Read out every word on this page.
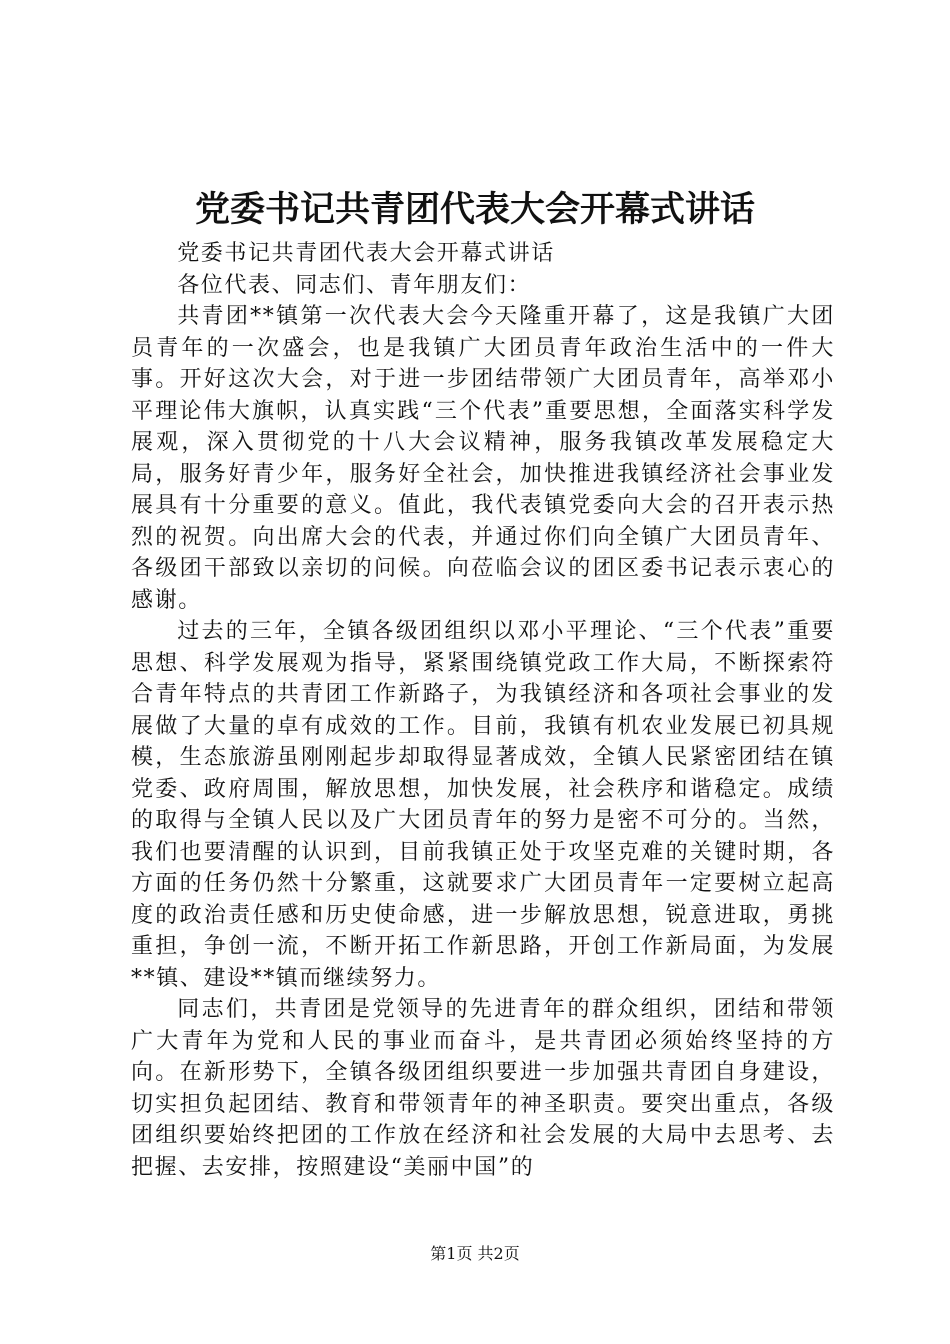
党委书记共青团代表大会开幕式讲话

党委书记共青团代表大会开幕式讲话

各位代表、同志们、青年朋友们：

共青团**镇第一次代表大会今天隆重开幕了，这是我镇广大团员青年的一次盛会，也是我镇广大团员青年政治生活中的一件大事。开好这次大会，对于进一步团结带领广大团员青年，高举邓小平理论伟大旗帜，认真实践“三个代表”重要思想，全面落实科学发展观，深入贯彻党的十八大会议精神，服务我镇改革发展稳定大局，服务好青少年，服务好全社会，加快推进我镇经济社会事业发展具有十分重要的意义。值此，我代表镇党委向大会的召开表示热烈的祝贺。向出席大会的代表，并通过你们向全镇广大团员青年、各级团干部致以亲切的问候。向莅临会议的团区委书记表示衷心的感谢。

过去的三年，全镇各级团组织以邓小平理论、“三个代表”重要思想、科学发展观为指导，紧紧围绕镇党政工作大局，不断探索符合青年特点的共青团工作新路子，为我镇经济和各项社会事业的发展做了大量的卓有成效的工作。目前，我镇有机农业发展已初具规模，生态旅游虽刚刚起步却取得显著成效，全镇人民紧密团结在镇党委、政府周围，解放思想，加快发展，社会秩序和谐稳定。成绩的取得与全镇人民以及广大团员青年的努力是密不可分的。当然，我们也要清醒的认识到，目前我镇正处于攻坚克难的关键时期，各方面的任务仍然十分繁重，这就要求广大团员青年一定要树立起高度的政治责任感和历史使命感，进一步解放思想，锐意进取，勇挑重担，争创一流，不断开拓工作新思路，开创工作新局面，为发展**镇、建设**镇而继续努力。

同志们，共青团是党领导的先进青年的群众组织，团结和带领广大青年为党和人民的事业而奋斗，是共青团必须始终坚持的方向。在新形势下，全镇各级团组织要进一步加强共青团自身建设，切实担负起团结、教育和带领青年的神圣职责。要突出重点，各级团组织要始终把团的工作放在经济和社会发展的大局中去思考、去把握、去安排，按照建设“美丽中国”的

第1页 共2页
